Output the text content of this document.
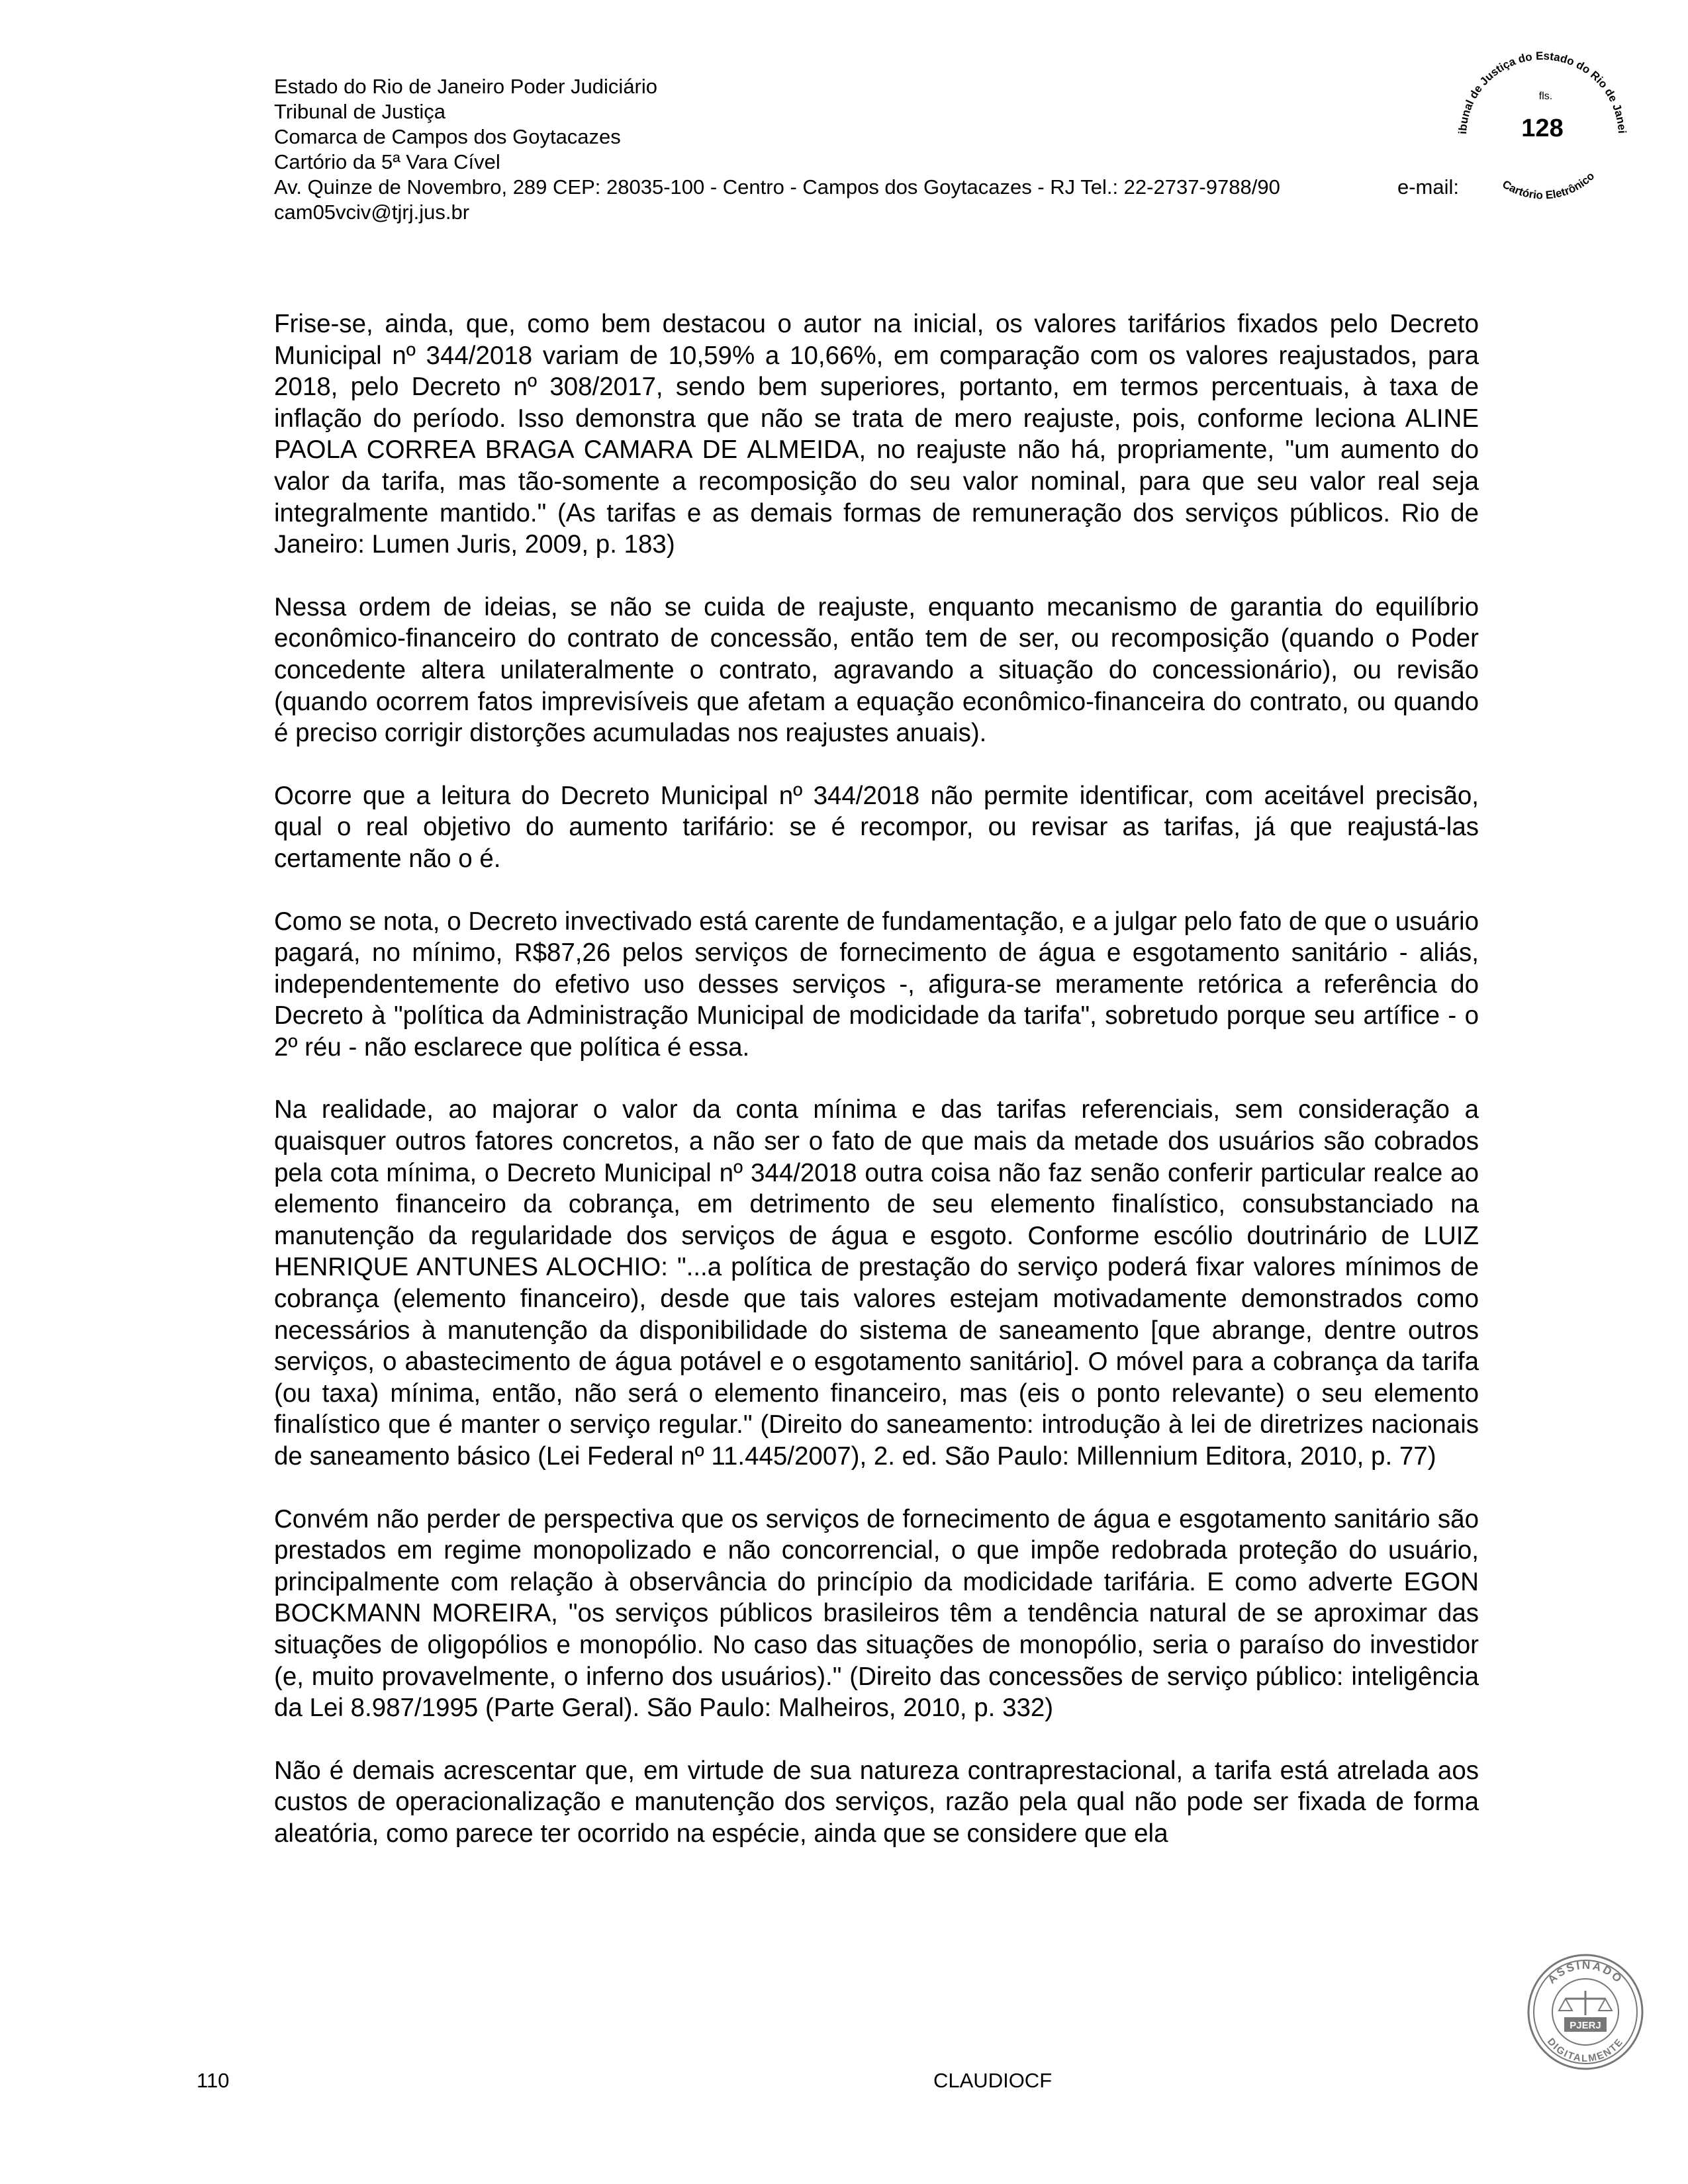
Estado do Rio de Janeiro Poder Judiciário
Tribunal de Justiça
Comarca de Campos dos Goytacazes
Cartório da 5ª Vara Cível
Av. Quinze de Novembro, 289 CEP: 28035-100 - Centro - Campos dos Goytacazes - RJ Tel.: 22-2737-9788/90	e-mail:
cam05vciv@tjrj.jus.br
ibunal de Justiça do Estado do Rio de Janei
Cartório Eletrônico
fls.
128

Frise-se, ainda, que, como bem destacou o autor na inicial, os valores tarifários fixados pelo Decreto Municipal nº 344/2018 variam de 10,59% a 10,66%, em comparação com os valores reajustados, para 2018, pelo Decreto nº 308/2017, sendo bem superiores, portanto, em termos percentuais, à taxa de inflação do período. Isso demonstra que não se trata de mero reajuste, pois, conforme leciona ALINE PAOLA CORREA BRAGA CAMARA DE ALMEIDA, no reajuste não há, propriamente, "um aumento do valor da tarifa, mas tão-somente a recomposição do seu valor nominal, para que seu valor real seja integralmente mantido." (As tarifas e as demais formas de remuneração dos serviços públicos. Rio de Janeiro: Lumen Juris, 2009, p. 183)

Nessa ordem de ideias, se não se cuida de reajuste, enquanto mecanismo de garantia do equilíbrio econômico-financeiro do contrato de concessão, então tem de ser, ou recomposição (quando o Poder concedente altera unilateralmente o contrato, agravando a situação do concessionário), ou revisão (quando ocorrem fatos imprevisíveis que afetam a equação econômico-financeira do contrato, ou quando é preciso corrigir distorções acumuladas nos reajustes anuais).

Ocorre que a leitura do Decreto Municipal nº 344/2018 não permite identificar, com aceitável precisão, qual o real objetivo do aumento tarifário: se é recompor, ou revisar as tarifas, já que reajustá-las certamente não o é.

Como se nota, o Decreto invectivado está carente de fundamentação, e a julgar pelo fato de que o usuário pagará, no mínimo, R$87,26 pelos serviços de fornecimento de água e esgotamento sanitário - aliás, independentemente do efetivo uso desses serviços -, afigura-se meramente retórica a referência do Decreto à "política da Administração Municipal de modicidade da tarifa", sobretudo porque seu artífice - o 2º réu - não esclarece que política é essa.

Na realidade, ao majorar o valor da conta mínima e das tarifas referenciais, sem consideração a quaisquer outros fatores concretos, a não ser o fato de que mais da metade dos usuários são cobrados pela cota mínima, o Decreto Municipal nº 344/2018 outra coisa não faz senão conferir particular realce ao elemento financeiro da cobrança, em detrimento de seu elemento finalístico, consubstanciado na manutenção da regularidade dos serviços de água e esgoto. Conforme escólio doutrinário de LUIZ HENRIQUE ANTUNES ALOCHIO: "...a política de prestação do serviço poderá fixar valores mínimos de cobrança (elemento financeiro), desde que tais valores estejam motivadamente demonstrados como necessários à manutenção da disponibilidade do sistema de saneamento [que abrange, dentre outros serviços, o abastecimento de água potável e o esgotamento sanitário]. O móvel para a cobrança da tarifa (ou taxa) mínima, então, não será o elemento financeiro, mas (eis o ponto relevante) o seu elemento finalístico que é manter o serviço regular." (Direito do saneamento: introdução à lei de diretrizes nacionais de saneamento básico (Lei Federal nº 11.445/2007), 2. ed. São Paulo: Millennium Editora, 2010, p. 77)

Convém não perder de perspectiva que os serviços de fornecimento de água e esgotamento sanitário são prestados em regime monopolizado e não concorrencial, o que impõe redobrada proteção do usuário, principalmente com relação à observância do princípio da modicidade tarifária. E como adverte EGON BOCKMANN MOREIRA, "os serviços públicos brasileiros têm a tendência natural de se aproximar das situações de oligopólios e monopólio. No caso das situações de monopólio, seria o paraíso do investidor (e, muito provavelmente, o inferno dos usuários)." (Direito das concessões de serviço público: inteligência da Lei 8.987/1995 (Parte Geral). São Paulo: Malheiros, 2010, p. 332)

Não é demais acrescentar que, em virtude de sua natureza contraprestacional, a tarifa está atrelada aos custos de operacionalização e manutenção dos serviços, razão pela qual não pode ser fixada de forma aleatória, como parece ter ocorrido na espécie, ainda que se considere que ela

ASSINADO
DIGITALMENTE
PJERJ
110	CLAUDIOCF
